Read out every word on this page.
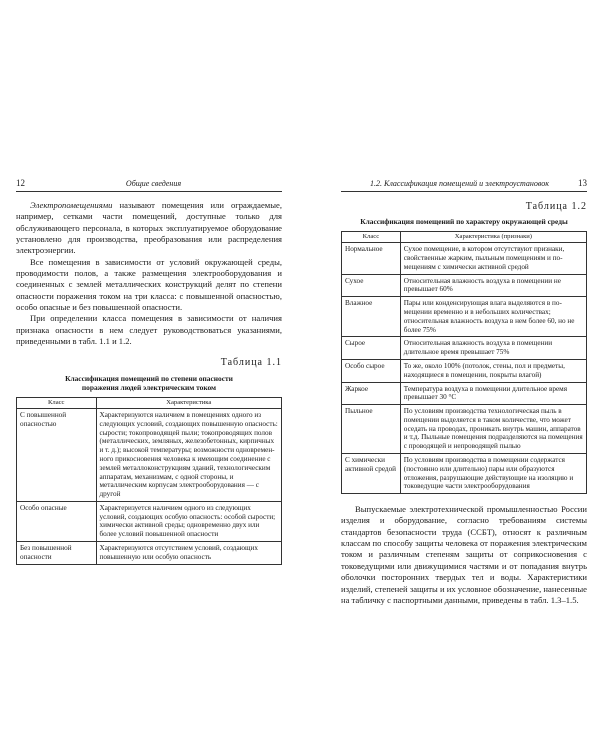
12	Общие сведения

Электропомещениями называют помещения или ограждаемые, например, сетками части помещений, доступные только для обслуживающего персонала, в которых эксплуатируемое оборудование установлено для производства, преобразования или распределения электроэнергии.

Все помещения в зависимости от условий окружающей среды, проводимости полов, а также размещения электрооборудования и соединенных с землей металлических конструкций делят по степени опасности поражения током на три класса: с повышенной опасностью, особо опасные и без повышенной опасности.

При определении класса помещения в зависимости от наличия признака опасности в нем следует руководствоваться указаниями, приведенными в табл. 1.1 и 1.2.

Таблица 1.1
Классификация помещений по степени опасности
поражения людей электрическим током
Класс	Характеристика
С повышенной опасностью	Характеризуются наличием в помещениях одного из следующих условий, создающих повышенную опасность: сырости; токопроводящей пыли; токопроводящих полов (металлических, земляных, железобетонных, кирпичных и т. д.); высокой температуры; возможности одновременного прикосновения человека к имеющим соединение с землей металлоконструкциям зданий, технологическим аппаратам, механизмам, с одной стороны, и металлическим корпусам электрооборудования — с другой
Особо опасные	Характеризуется наличием одного из следующих условий, создающих особую опасность: особой сырости; химически активной среды; одновременно двух или более условий повышенной опасности
Без повышенной опасности	Характеризуются отсутствием условий, создающих повышенную или особую опасность
1.2. Классификация помещений и электроустановок	13
Таблица 1.2
Классификация помещений по характеру окружающей среды
Класс	Характеристика (признаки)
Нормальное	Сухое помещение, в котором отсутствуют признаки, свойственные жарким, пыльным помещениям и помещениям с химически активной средой
Сухое	Относительная влажность воздуха в помещении не превышает 60%
Влажное	Пары или конденсирующая влага выделяются в помещении временно и в небольших количествах; относительная влажность воздуха в нем более 60, но не более 75%
Сырое	Относительная влажность воздуха в помещении длительное время превышает 75%
Особо сырое	То же, около 100% (потолок, стены, пол и предметы, находящиеся в помещении, покрыты влагой)
Жаркое	Температура воздуха в помещении длительное время превышает 30 °С
Пыльное	По условиям производства технологическая пыль в помещении выделяется в таком количестве, что может оседать на проводах, проникать внутрь машин, аппаратов и т.д. Пыльные помещения подразделяются на помещения с проводящей и непроводящей пылью
С химически активной средой	По условиям производства в помещении содержатся (постоянно или длительно) пары или образуются отложения, разрушающие действующие на изоляцию и токоведущие части электрооборудования

Выпускаемые электротехнической промышленностью России изделия и оборудование, согласно требованиям системы стандартов безопасности труда (ССБТ), относят к различным классам по способу защиты человека от поражения электрическим током и различным степеням защиты от соприкосновения с токоведущими или движущимися частями и от попадания внутрь оболочки посторонних твердых тел и воды. Характеристики изделий, степеней защиты и их условное обозначение, нанесенные на табличку с паспортными данными, приведены в табл. 1.3–1.5.
